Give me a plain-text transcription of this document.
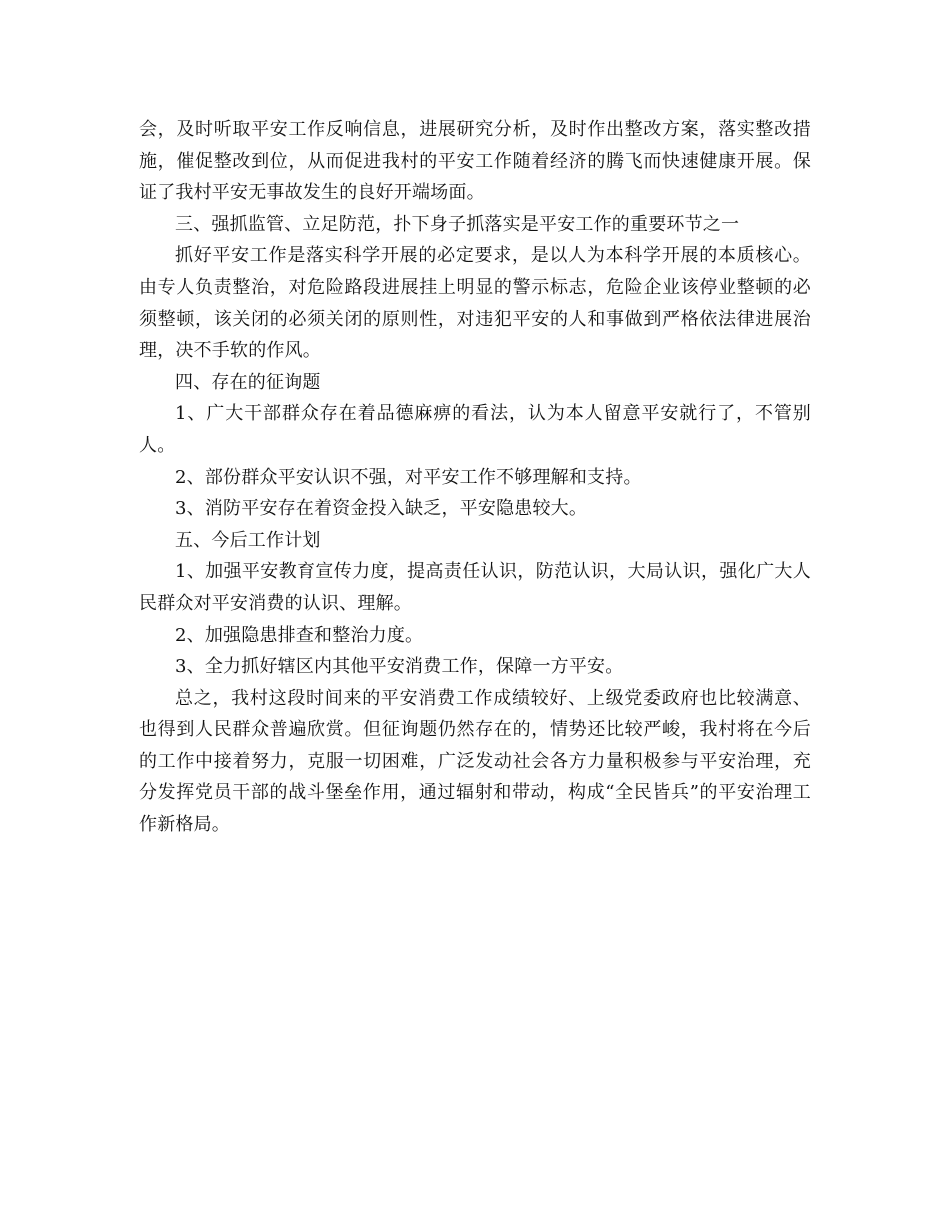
会，及时听取平安工作反响信息，进展研究分析，及时作出整改方案，落实整改措施，催促整改到位，从而促进我村的平安工作随着经济的腾飞而快速健康开展。保证了我村平安无事故发生的良好开端场面。

三、强抓监管、立足防范，扑下身子抓落实是平安工作的重要环节之一

抓好平安工作是落实科学开展的必定要求，是以人为本科学开展的本质核心。由专人负责整治，对危险路段进展挂上明显的警示标志，危险企业该停业整顿的必须整顿，该关闭的必须关闭的原则性，对违犯平安的人和事做到严格依法律进展治理，决不手软的作风。

四、存在的征询题

1、广大干部群众存在着品德麻痹的看法，认为本人留意平安就行了，不管别人。

2、部份群众平安认识不强，对平安工作不够理解和支持。

3、消防平安存在着资金投入缺乏，平安隐患较大。

五、今后工作计划

1、加强平安教育宣传力度，提高责任认识，防范认识，大局认识，强化广大人民群众对平安消费的认识、理解。

2、加强隐患排查和整治力度。

3、全力抓好辖区内其他平安消费工作，保障一方平安。

总之，我村这段时间来的平安消费工作成绩较好、上级党委政府也比较满意、也得到人民群众普遍欣赏。但征询题仍然存在的，情势还比较严峻，我村将在今后的工作中接着努力，克服一切困难，广泛发动社会各方力量积极参与平安治理，充分发挥党员干部的战斗堡垒作用，通过辐射和带动，构成“全民皆兵”的平安治理工作新格局。
